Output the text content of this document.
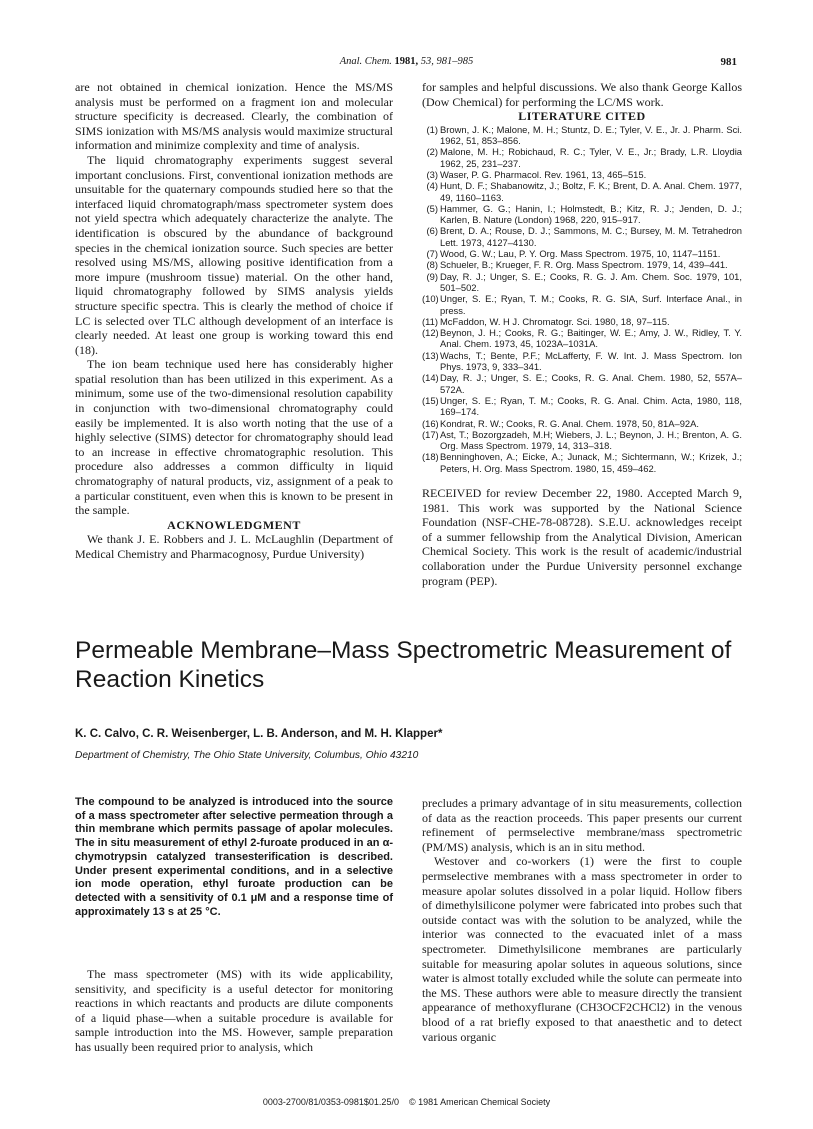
Anal. Chem. 1981, 53, 981–985	981

are not obtained in chemical ionization. Hence the MS/MS analysis must be performed on a fragment ion and molecular structure specificity is decreased. Clearly, the combination of SIMS ionization with MS/MS analysis would maximize structural information and minimize complexity and time of analysis.

The liquid chromatography experiments suggest several important conclusions. First, conventional ionization methods are unsuitable for the quaternary compounds studied here so that the interfaced liquid chromatograph/mass spectrometer system does not yield spectra which adequately characterize the analyte. The identification is obscured by the abundance of background species in the chemical ionization source. Such species are better resolved using MS/MS, allowing positive identification from a more impure (mushroom tissue) material. On the other hand, liquid chromatography followed by SIMS analysis yields structure specific spectra. This is clearly the method of choice if LC is selected over TLC although development of an interface is clearly needed. At least one group is working toward this end (18).

The ion beam technique used here has considerably higher spatial resolution than has been utilized in this experiment. As a minimum, some use of the two-dimensional resolution capability in conjunction with two-dimensional chromatography could easily be implemented. It is also worth noting that the use of a highly selective (SIMS) detector for chromatography should lead to an increase in effective chromatographic resolution. This procedure also addresses a common difficulty in liquid chromatography of natural products, viz, assignment of a peak to a particular constituent, even when this is known to be present in the sample.

ACKNOWLEDGMENT

We thank J. E. Robbers and J. L. McLaughlin (Department of Medical Chemistry and Pharmacognosy, Purdue University)

for samples and helpful discussions. We also thank George Kallos (Dow Chemical) for performing the LC/MS work.

LITERATURE CITED

(1) Brown, J. K.; Malone, M. H.; Stuntz, D. E.; Tyler, V. E., Jr. J. Pharm. Sci. 1962, 51, 853–856.
(2) Malone, M. H.; Robichaud, R. C.; Tyler, V. E., Jr.; Brady, L.R. Lloydia 1962, 25, 231–237.
(3) Waser, P. G. Pharmacol. Rev. 1961, 13, 465–515.
(4) Hunt, D. F.; Shabanowitz, J.; Boltz, F. K.; Brent, D. A. Anal. Chem. 1977, 49, 1160–1163.
(5) Hammer, G. G.; Hanin, I.; Holmstedt, B.; Kitz, R. J.; Jenden, D. J.; Karlen, B. Nature (London) 1968, 220, 915–917.
(6) Brent, D. A.; Rouse, D. J.; Sammons, M. C.; Bursey, M. M. Tetrahedron Lett. 1973, 4127–4130.
(7) Wood, G. W.; Lau, P. Y. Org. Mass Spectrom. 1975, 10, 1147–1151.
(8) Schueler, B.; Krueger, F. R. Org. Mass Spectrom. 1979, 14, 439–441.
(9) Day, R. J.; Unger, S. E.; Cooks, R. G. J. Am. Chem. Soc. 1979, 101, 501–502.
(10) Unger, S. E.; Ryan, T. M.; Cooks, R. G. SIA, Surf. Interface Anal., in press.
(11) McFaddon, W. H J. Chromatogr. Sci. 1980, 18, 97–115.
(12) Beynon, J. H.; Cooks, R. G.; Baitinger, W. E.; Amy, J. W., Ridley, T. Y. Anal. Chem. 1973, 45, 1023A–1031A.
(13) Wachs, T.; Bente, P.F.; McLafferty, F. W. Int. J. Mass Spectrom. Ion Phys. 1973, 9, 333–341.
(14) Day, R. J.; Unger, S. E.; Cooks, R. G. Anal. Chem. 1980, 52, 557A–572A.
(15) Unger, S. E.; Ryan, T. M.; Cooks, R. G. Anal. Chim. Acta, 1980, 118, 169–174.
(16) Kondrat, R. W.; Cooks, R. G. Anal. Chem. 1978, 50, 81A–92A.
(17) Ast, T.; Bozorgzadeh, M.H; Wiebers, J. L.; Beynon, J. H.; Brenton, A. G. Org. Mass Spectrom. 1979, 14, 313–318.
(18) Benninghoven, A.; Eicke, A.; Junack, M.; Sichtermann, W.; Krizek, J.; Peters, H. Org. Mass Spectrom. 1980, 15, 459–462.

RECEIVED for review December 22, 1980. Accepted March 9, 1981. This work was supported by the National Science Foundation (NSF-CHE-78-08728). S.E.U. acknowledges receipt of a summer fellowship from the Analytical Division, American Chemical Society. This work is the result of academic/industrial collaboration under the Purdue University personnel exchange program (PEP).

Permeable Membrane–Mass Spectrometric Measurement of Reaction Kinetics
K. C. Calvo, C. R. Weisenberger, L. B. Anderson, and M. H. Klapper*
Department of Chemistry, The Ohio State University, Columbus, Ohio 43210
The compound to be analyzed is introduced into the source of a mass spectrometer after selective permeation through a thin membrane which permits passage of apolar molecules. The in situ measurement of ethyl 2-furoate produced in an α-chymotrypsin catalyzed transesterification is described. Under present experimental conditions, and in a selective ion mode operation, ethyl furoate production can be detected with a sensitivity of 0.1 μM and a response time of approximately 13 s at 25 °C.

The mass spectrometer (MS) with its wide applicability, sensitivity, and specificity is a useful detector for monitoring reactions in which reactants and products are dilute components of a liquid phase—when a suitable procedure is available for sample introduction into the MS. However, sample preparation has usually been required prior to analysis, which

precludes a primary advantage of in situ measurements, collection of data as the reaction proceeds. This paper presents our current refinement of permselective membrane/mass spectrometric (PM/MS) analysis, which is an in situ method.

Westover and co-workers (1) were the first to couple permselective membranes with a mass spectrometer in order to measure apolar solutes dissolved in a polar liquid. Hollow fibers of dimethylsilicone polymer were fabricated into probes such that outside contact was with the solution to be analyzed, while the interior was connected to the evacuated inlet of a mass spectrometer. Dimethylsilicone membranes are particularly suitable for measuring apolar solutes in aqueous solutions, since water is almost totally excluded while the solute can permeate into the MS. These authors were able to measure directly the transient appearance of methoxyflurane (CH3OCF2CHCl2) in the venous blood of a rat briefly exposed to that anaesthetic and to detect various organic

0003-2700/81/0353-0981$01.25/0 © 1981 American Chemical Society
